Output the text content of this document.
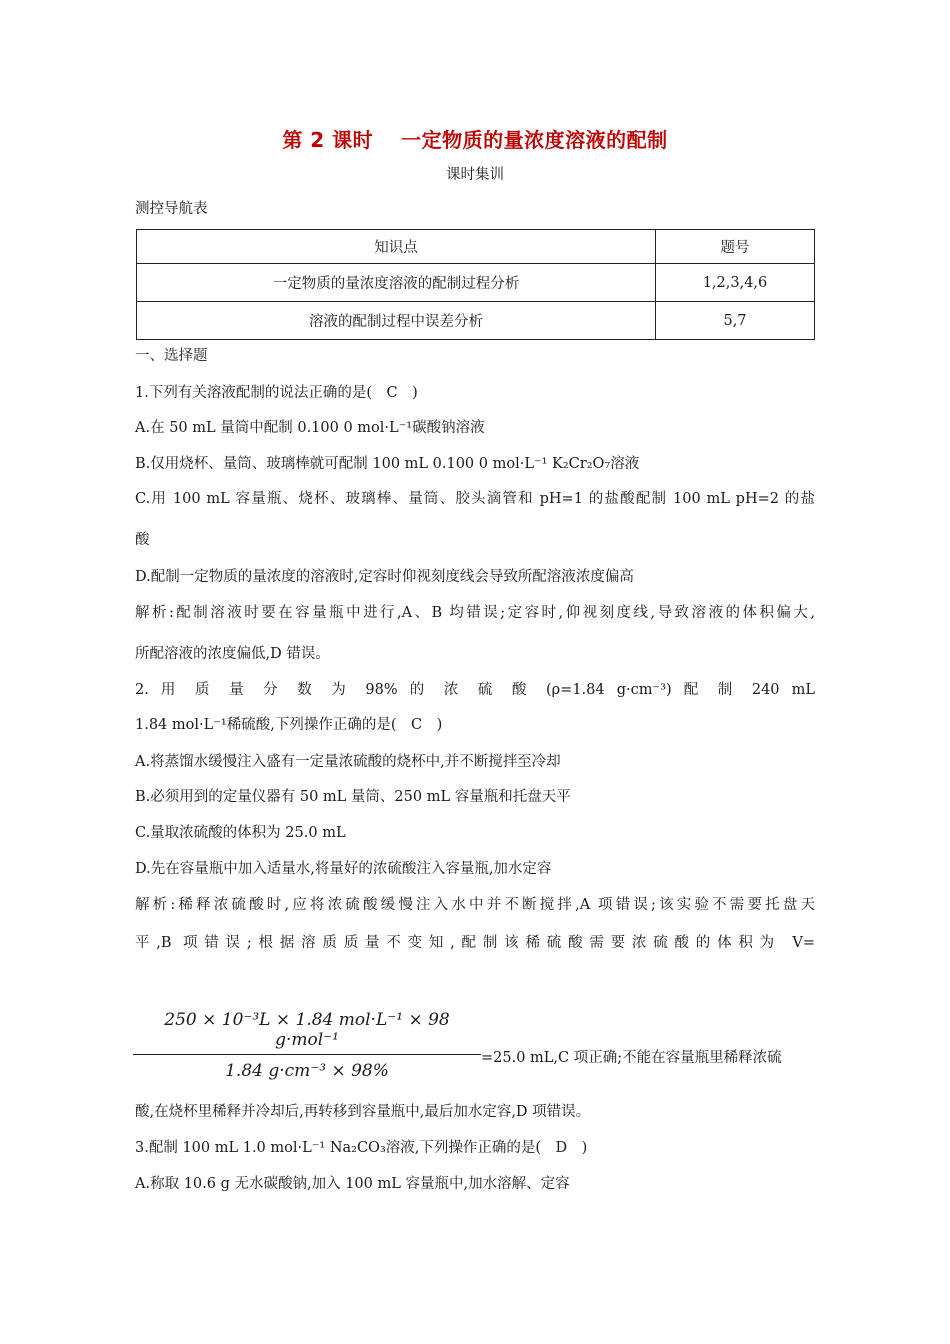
第 2 课时 一定物质的量浓度溶液的配制
课时集训
测控导航表
知识点	题号
一定物质的量浓度溶液的配制过程分析	1,2,3,4,6
溶液的配制过程中误差分析	5,7
一、选择题
1.下列有关溶液配制的说法正确的是(　C　)
A.在 50 mL 量筒中配制 0.100 0 mol·L⁻¹碳酸钠溶液
B.仅用烧杯、量筒、玻璃棒就可配制 100 mL 0.100 0 mol·L⁻¹ K₂Cr₂O₇溶液
C.用 100 mL 容量瓶、烧杯、玻璃棒、量筒、胶头滴管和 pH=1 的盐酸配制 100 mL pH=2 的盐
酸
D.配制一定物质的量浓度的溶液时,定容时仰视刻度线会导致所配溶液浓度偏高
解析:配制溶液时要在容量瓶中进行,A、B 均错误;定容时,仰视刻度线,导致溶液的体积偏大,
所配溶液的浓度偏低,D 错误。
2. 用 质 量 分 数 为 98% 的 浓 硫 酸 (ρ=1.84 g·cm⁻³) 配 制 240 mL
1.84 mol·L⁻¹稀硫酸,下列操作正确的是(　C　)
A.将蒸馏水缓慢注入盛有一定量浓硫酸的烧杯中,并不断搅拌至冷却
B.必须用到的定量仪器有 50 mL 量筒、250 mL 容量瓶和托盘天平
C.量取浓硫酸的体积为 25.0 mL
D.先在容量瓶中加入适量水,将量好的浓硫酸注入容量瓶,加水定容
解析:稀释浓硫酸时,应将浓硫酸缓慢注入水中并不断搅拌,A 项错误;该实验不需要托盘天
平,B 项错误;根据溶质质量不变知,配制该稀硫酸需要浓硫酸的体积为 V=
250 × 10⁻³L × 1.84 mol·L⁻¹ × 98 g·mol⁻¹
1.84 g·cm⁻³ × 98%
=25.0 mL,C 项正确;不能在容量瓶里稀释浓硫
酸,在烧杯里稀释并冷却后,再转移到容量瓶中,最后加水定容,D 项错误。
3.配制 100 mL 1.0 mol·L⁻¹ Na₂CO₃溶液,下列操作正确的是(　D　)
A.称取 10.6 g 无水碳酸钠,加入 100 mL 容量瓶中,加水溶解、定容
